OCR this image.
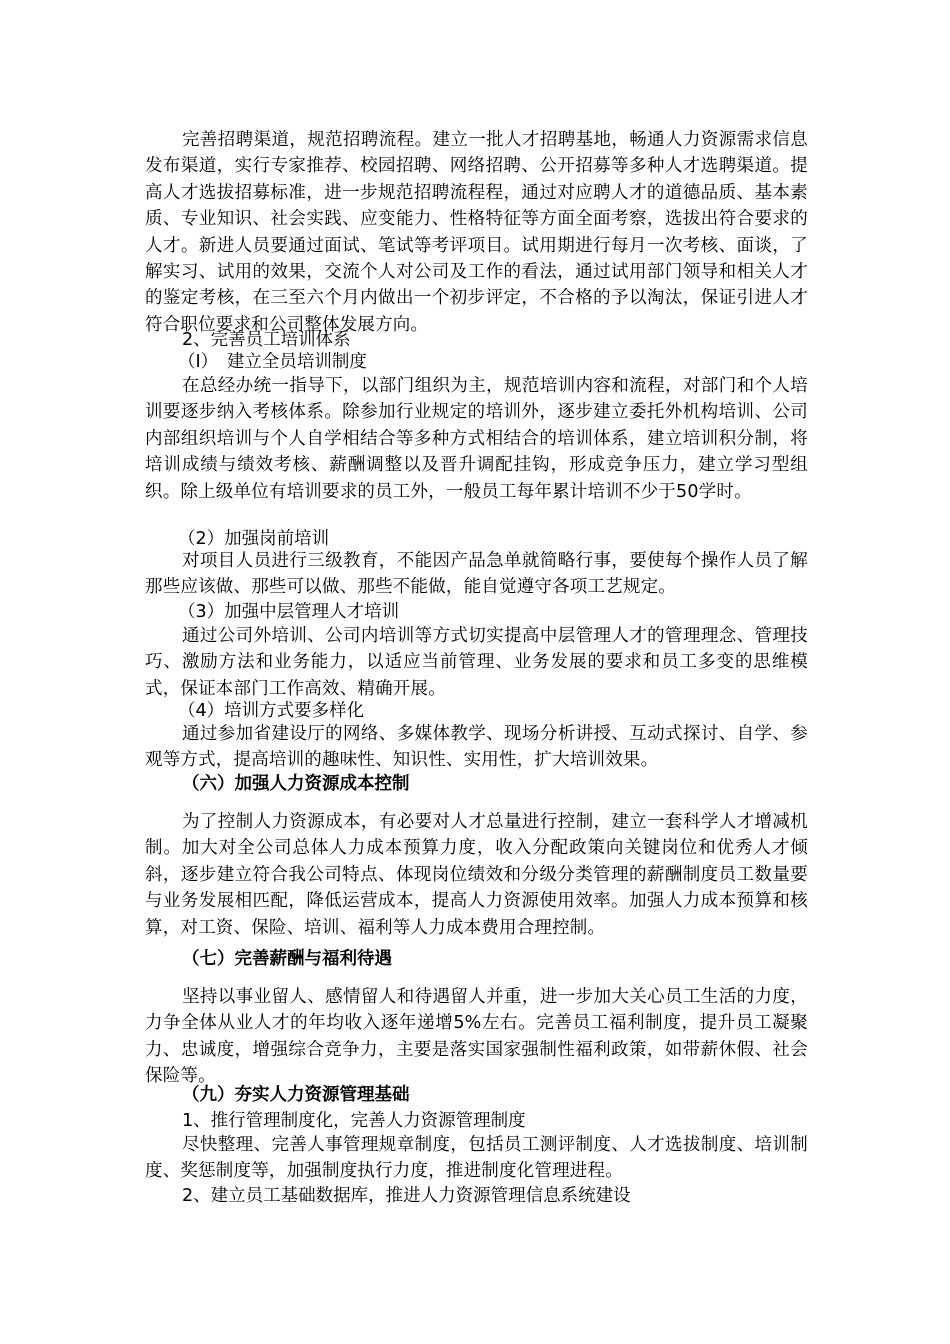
完善招聘渠道，规范招聘流程。建立一批人才招聘基地，畅通人力资源需求信息发布渠道，实行专家推荐、校园招聘、网络招聘、公开招募等多种人才选聘渠道。提高人才选拔招募标准，进一步规范招聘流程程，通过对应聘人才的道德品质、基本素质、专业知识、社会实践、应变能力、性格特征等方面全面考察，选拔出符合要求的人才。新进人员要通过面试、笔试等考评项目。试用期进行每月一次考核、面谈，了解实习、试用的效果，交流个人对公司及工作的看法，通过试用部门领导和相关人才的鉴定考核，在三至六个月内做出一个初步评定，不合格的予以淘汰，保证引进人才符合职位要求和公司整体发展方向。
2、完善员工培训体系
（I）　建立全员培训制度
在总经办统一指导下，以部门组织为主，规范培训内容和流程，对部门和个人培训要逐步纳入考核体系。除参加行业规定的培训外，逐步建立委托外机构培训、公司内部组织培训与个人自学相结合等多种方式相结合的培训体系，建立培训积分制，将培训成绩与绩效考核、薪酬调整以及晋升调配挂钩，形成竞争压力，建立学习型组织。除上级单位有培训要求的员工外，一般员工每年累计培训不少于50学时。
（2）加强岗前培训
对项目人员进行三级教育，不能因产品急单就简略行事，要使每个操作人员了解那些应该做、那些可以做、那些不能做，能自觉遵守各项工艺规定。
（3）加强中层管理人才培训
通过公司外培训、公司内培训等方式切实提高中层管理人才的管理理念、管理技巧、激励方法和业务能力，以适应当前管理、业务发展的要求和员工多变的思维模式，保证本部门工作高效、精确开展。
（4）培训方式要多样化
通过参加省建设厅的网络、多媒体教学、现场分析讲授、互动式探讨、自学、参观等方式，提高培训的趣味性、知识性、实用性，扩大培训效果。
（六）加强人力资源成本控制
为了控制人力资源成本，有必要对人才总量进行控制，建立一套科学人才增减机制。加大对全公司总体人力成本预算力度，收入分配政策向关键岗位和优秀人才倾斜，逐步建立符合我公司特点、体现岗位绩效和分级分类管理的薪酬制度员工数量要与业务发展相匹配，降低运营成本，提高人力资源使用效率。加强人力成本预算和核算，对工资、保险、培训、福利等人力成本费用合理控制。
（七）完善薪酬与福利待遇
坚持以事业留人、感情留人和待遇留人并重，进一步加大关心员工生活的力度，力争全体从业人才的年均收入逐年递增5%左右。完善员工福利制度，提升员工凝聚力、忠诚度，增强综合竞争力，主要是落实国家强制性福利政策，如带薪休假、社会保险等。
（九）夯实人力资源管理基础
1、推行管理制度化，完善人力资源管理制度
尽快整理、完善人事管理规章制度，包括员工测评制度、人才选拔制度、培训制度、奖惩制度等，加强制度执行力度，推进制度化管理进程。
2、建立员工基础数据库，推进人力资源管理信息系统建设
